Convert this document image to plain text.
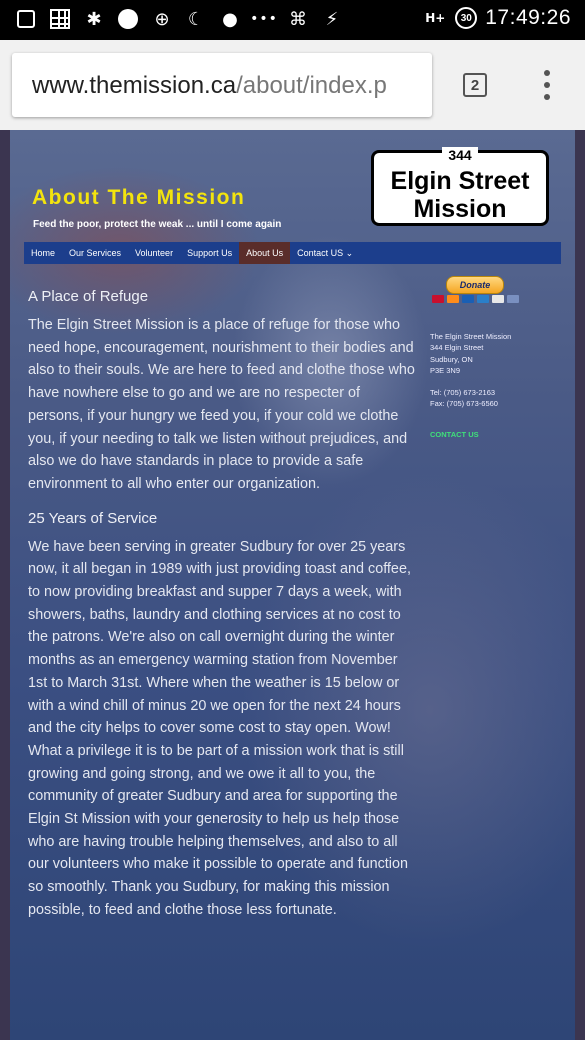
✱	⊕ ☾ ● ••• ⌘	⚡	H+	30 17:49:26
www.themission.ca/about/index.p	2
About The Mission
Feed the poor, protect the weak ... until I come again
344
Elgin Street
Mission
Home	Our Services	Volunteer	Support Us	About Us	Contact US ⌄
A Place of Refuge

The Elgin Street Mission is a place of refuge for those who need hope, encouragement, nourishment to their bodies and also to their souls. We are here to feed and clothe those who have nowhere else to go and we are no respecter of persons, if your hungry we feed you, if your cold we clothe you, if your needing to talk we listen without prejudices, and also we do have standards in place to provide a safe environment to all who enter our organization.

25 Years of Service

We have been serving in greater Sudbury for over 25 years now, it all began in 1989 with just providing toast and coffee, to now providing breakfast and supper 7 days a week, with showers, baths, laundry and clothing services at no cost to the patrons. We're also on call overnight during the winter months as an emergency warming station from November 1st to March 31st. Where when the weather is 15 below or with a wind chill of minus 20 we open for the next 24 hours and the city helps to cover some cost to stay open. Wow! What a privilege it is to be part of a mission work that is still growing and going strong, and we owe it all to you, the community of greater Sudbury and area for supporting the Elgin St Mission with your generosity to help us help those who are having trouble helping themselves, and also to all our volunteers who make it possible to operate and function so smoothly. Thank you Sudbury, for making this mission possible, to feed and clothe those less fortunate.

Donate
The Elgin Street Mission
344 Elgin Street
Sudbury, ON
P3E 3N9
Tel: (705) 673-2163
Fax: (705) 673-6560
CONTACT US
